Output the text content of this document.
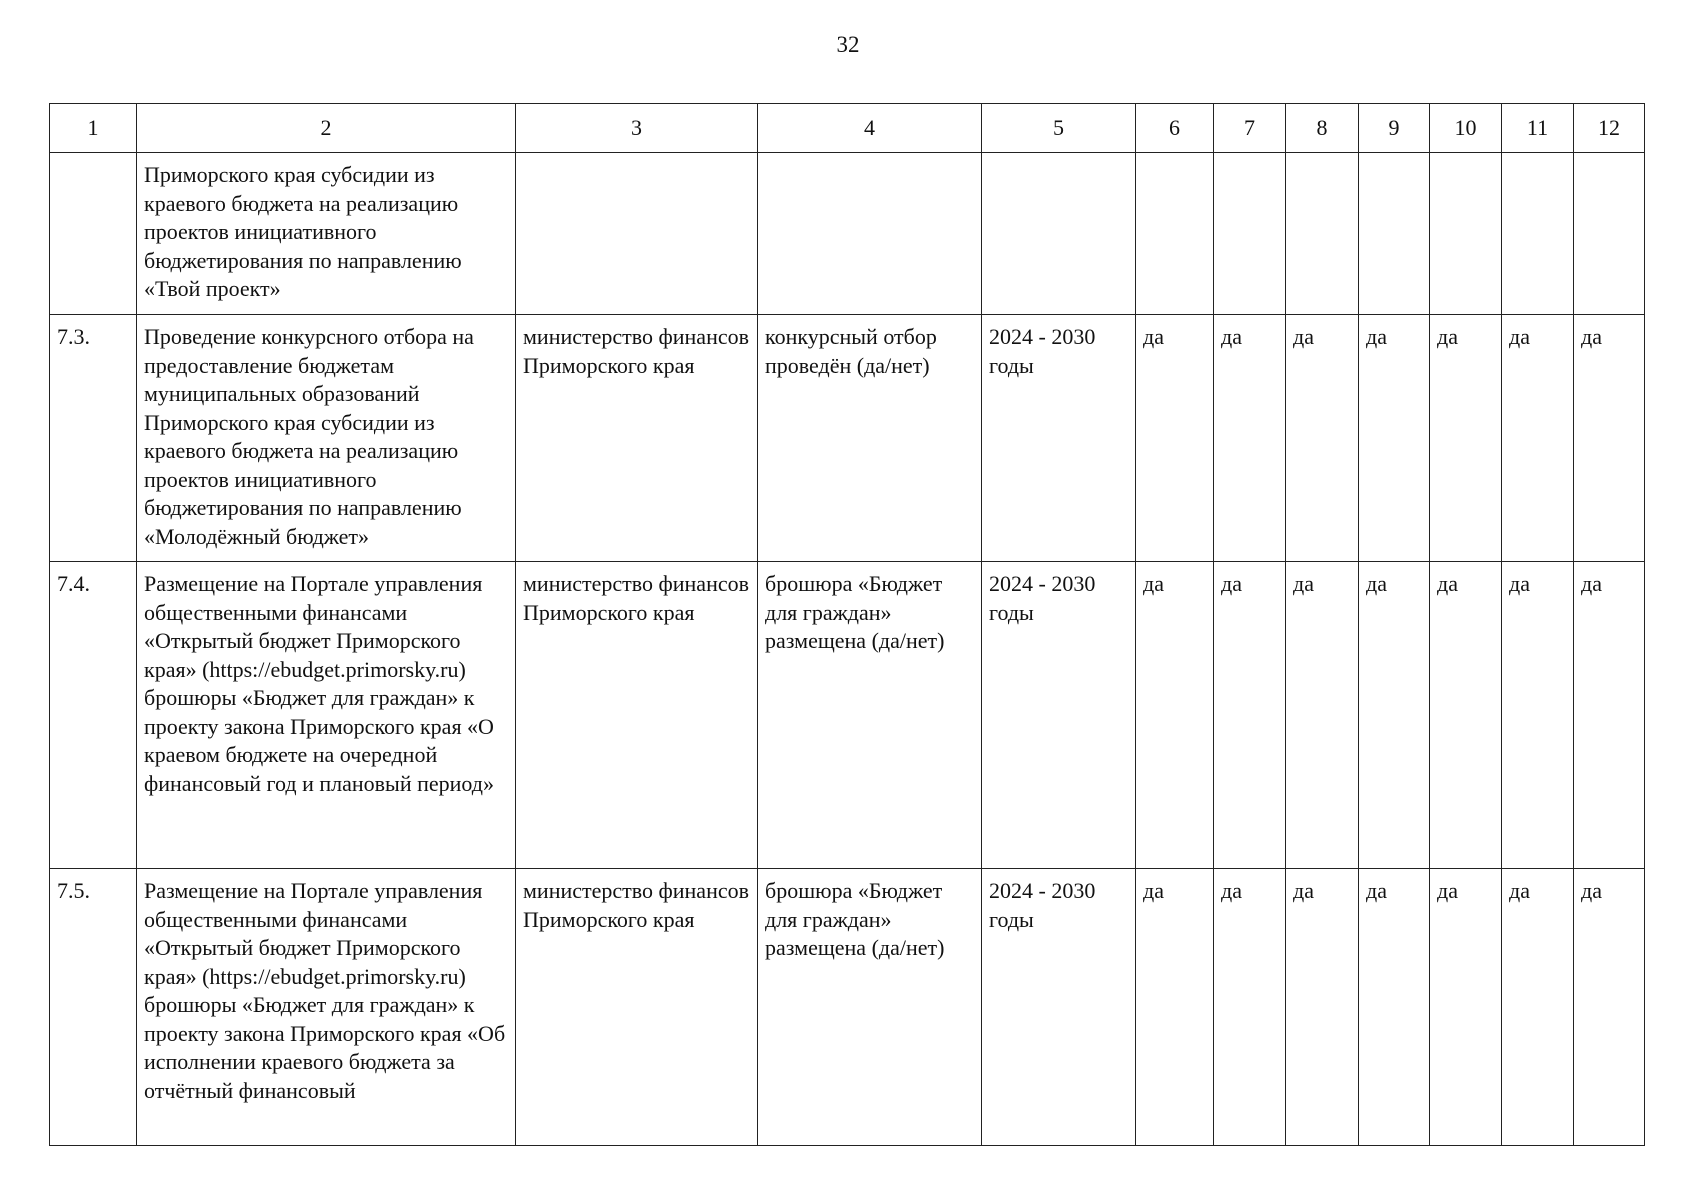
32
1	2	3	4	5	6	7	8	9	10	11	12
	Приморского края субсидии из краевого бюджета на реализацию проектов инициативного бюджетирования по направлению «Твой проект»										
7.3.	Проведение конкурсного отбора на предоставление бюджетам муниципальных образований Приморского края субсидии из краевого бюджета на реализацию проектов инициативного бюджетирования по направлению «Молодёжный бюджет»	министерство финансов Приморского края	конкурсный отбор проведён (да/нет)	2024 - 2030 годы	да	да	да	да	да	да	да
7.4.	Размещение на Портале управления общественными финансами «Открытый бюджет Приморского края» (https://ebudget.primorsky.ru) брошюры «Бюджет для граждан» к проекту закона Приморского края «О краевом бюджете на очередной финансовый год и плановый период»	министерство финансов Приморского края	брошюра «Бюджет для граждан» размещена (да/нет)	2024 - 2030 годы	да	да	да	да	да	да	да
7.5.	Размещение на Портале управления общественными финансами «Открытый бюджет Приморского края» (https://ebudget.primorsky.ru) брошюры «Бюджет для граждан» к проекту закона Приморского края «Об исполнении краевого бюджета за отчётный финансовый	министерство финансов Приморского края	брошюра «Бюджет для граждан» размещена (да/нет)	2024 - 2030 годы	да	да	да	да	да	да	да
